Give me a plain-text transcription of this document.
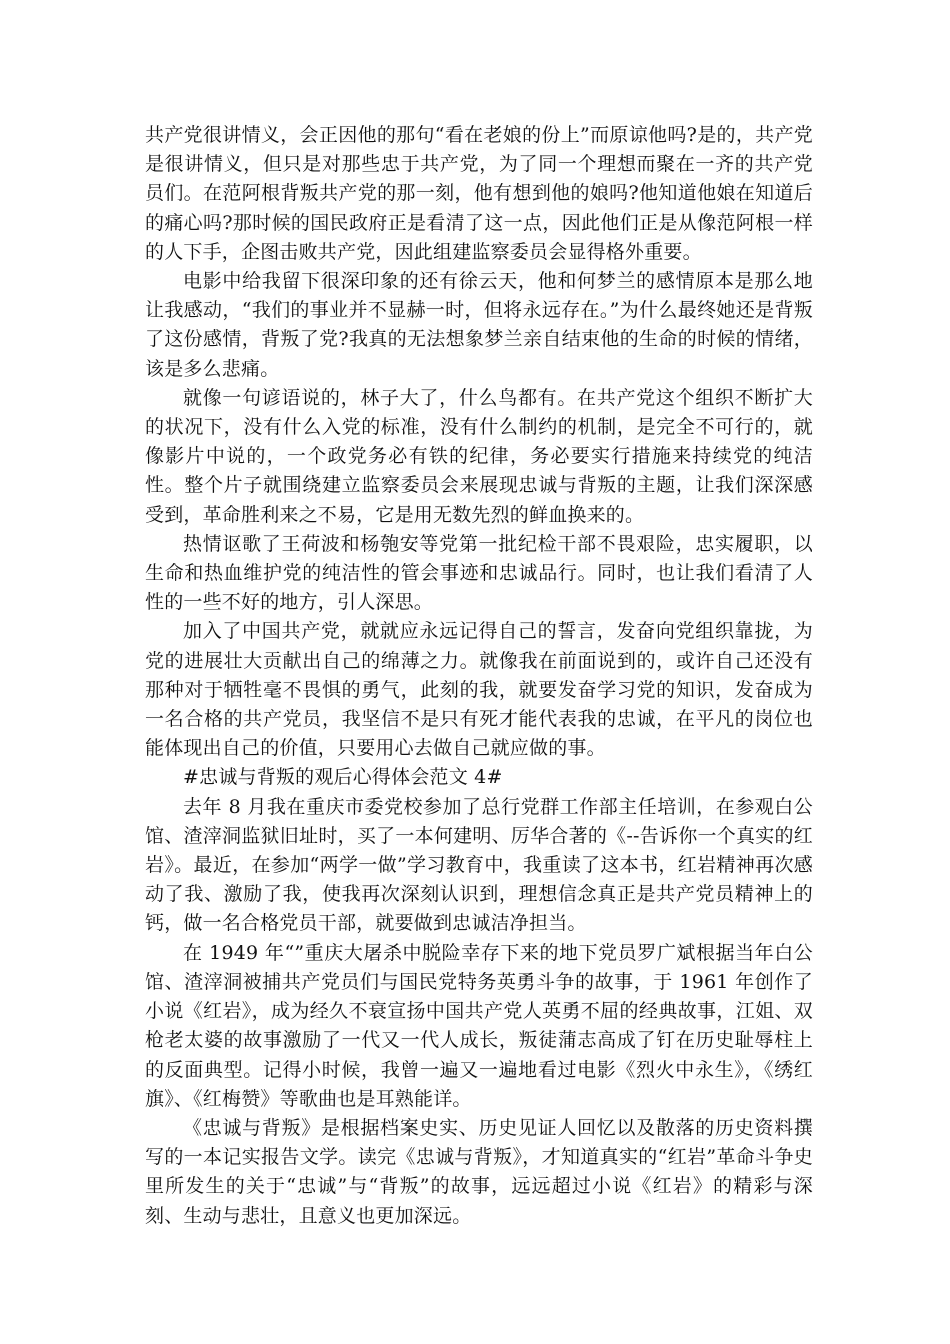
共产党很讲情义，会正因他的那句“看在老娘的份上”而原谅他吗?是的，共产党是很讲情义，但只是对那些忠于共产党，为了同一个理想而聚在一齐的共产党员们。在范阿根背叛共产党的那一刻，他有想到他的娘吗?他知道他娘在知道后的痛心吗?那时候的国民政府正是看清了这一点，因此他们正是从像范阿根一样的人下手，企图击败共产党，因此组建监察委员会显得格外重要。

电影中给我留下很深印象的还有徐云天，他和何梦兰的感情原本是那么地让我感动，“我们的事业并不显赫一时，但将永远存在。”为什么最终她还是背叛了这份感情，背叛了党?我真的无法想象梦兰亲自结束他的生命的时候的情绪，该是多么悲痛。

就像一句谚语说的，林子大了，什么鸟都有。在共产党这个组织不断扩大的状况下，没有什么入党的标准，没有什么制约的机制，是完全不可行的，就像影片中说的，一个政党务必有铁的纪律，务必要实行措施来持续党的纯洁性。整个片子就围绕建立监察委员会来展现忠诚与背叛的主题，让我们深深感受到，革命胜利来之不易，它是用无数先烈的鲜血换来的。

热情讴歌了王荷波和杨匏安等党第一批纪检干部不畏艰险，忠实履职，以生命和热血维护党的纯洁性的管会事迹和忠诚品行。同时，也让我们看清了人性的一些不好的地方，引人深思。

加入了中国共产党，就就应永远记得自己的誓言，发奋向党组织靠拢，为党的进展壮大贡献出自己的绵薄之力。就像我在前面说到的，或许自己还没有那种对于牺牲毫不畏惧的勇气，此刻的我，就要发奋学习党的知识，发奋成为一名合格的共产党员，我坚信不是只有死才能代表我的忠诚，在平凡的岗位也能体现出自己的价值，只要用心去做自己就应做的事。

#忠诚与背叛的观后心得体会范文 4#

去年 8 月我在重庆市委党校参加了总行党群工作部主任培训，在参观白公馆、渣滓洞监狱旧址时，买了一本何建明、厉华合著的《--告诉你一个真实的红岩》。最近，在参加“两学一做”学习教育中，我重读了这本书，红岩精神再次感动了我、激励了我，使我再次深刻认识到，理想信念真正是共产党员精神上的钙，做一名合格党员干部，就要做到忠诚洁净担当。

在 1949 年“”重庆大屠杀中脱险幸存下来的地下党员罗广斌根据当年白公馆、渣滓洞被捕共产党员们与国民党特务英勇斗争的故事，于 1961 年创作了小说《红岩》，成为经久不衰宣扬中国共产党人英勇不屈的经典故事，江姐、双枪老太婆的故事激励了一代又一代人成长，叛徒蒲志高成了钉在历史耻辱柱上的反面典型。记得小时候，我曾一遍又一遍地看过电影《烈火中永生》，《绣红旗》、《红梅赞》等歌曲也是耳熟能详。

《忠诚与背叛》是根据档案史实、历史见证人回忆以及散落的历史资料撰写的一本记实报告文学。读完《忠诚与背叛》，才知道真实的“红岩”革命斗争史里所发生的关于“忠诚”与“背叛”的故事，远远超过小说《红岩》的精彩与深刻、生动与悲壮，且意义也更加深远。
